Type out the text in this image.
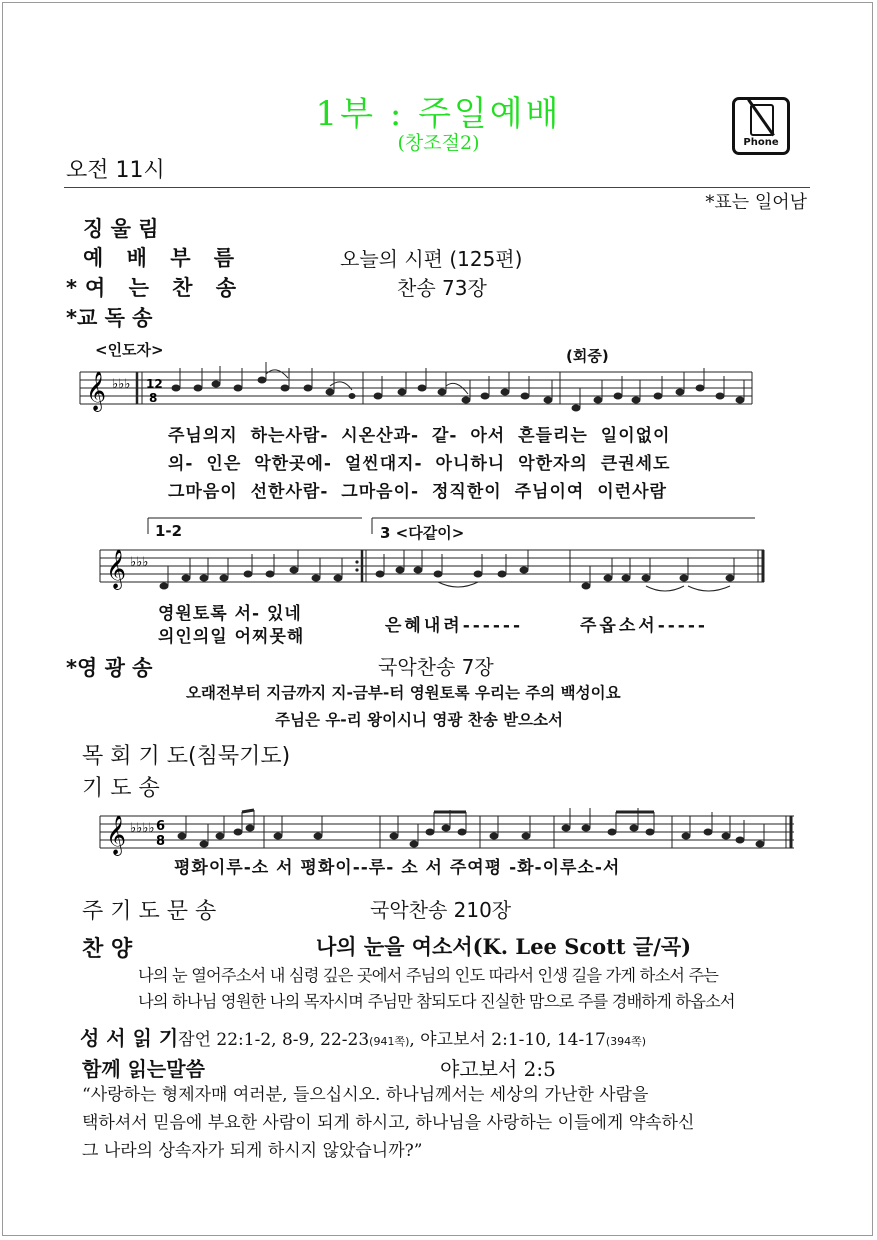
1부 : 주일예배
(창조절2)	Phone
오전 11시
*표는 일어남
징 울 림
예 배 부 름	오늘의 시편 (125편)
*여 는 찬 송	찬송 73장
*교 독 송
<인도자>	(회중)
𝄞 ♭♭♭ 12
8
주님의지 하는사람- 시온산과- 같- 아서 흔들리는 일이없이
의- 인은 악한곳에- 얼씬대지- 아니하니 악한자의 큰권세도
그마음이 선한사람- 그마음이- 정직한이 주님이여 이런사람
1-2	3 <다같이>
𝄞 ♭♭♭
영원토록 서- 있네
의인의일 어찌못해
은혜내려------	주옵소서-----
*영 광 송	국악찬송 7장
오래전부터 지금까지 지-금부-터 영원토록 우리는 주의 백성이요
주님은 우-리 왕이시니 영광 찬송 받으소서
목 회 기 도(침묵기도)
기 도 송
𝄞 ♭♭♭♭ 6
8
평화이루-소 서 평화이--루- 소 서 주여평 -화-이루소-서
주 기 도 문 송	국악찬송 210장
찬 양	나의 눈을 여소서(K. Lee Scott 글/곡)
나의 눈 열어주소서 내 심령 깊은 곳에서 주님의 인도 따라서 인생 길을 가게 하소서 주는
나의 하나님 영원한 나의 목자시며 주님만 참되도다 진실한 맘으로 주를 경배하게 하옵소서
성 서 읽 기잠언 22:1-2, 8-9, 22-23(941쪽), 야고보서 2:1-10, 14-17(394쪽)
함께 읽는말씀	야고보서 2:5
“사랑하는 형제자매 여러분, 들으십시오. 하나님께서는 세상의 가난한 사람을
택하셔서 믿음에 부요한 사람이 되게 하시고, 하나님을 사랑하는 이들에게 약속하신
그 나라의 상속자가 되게 하시지 않았습니까?”
